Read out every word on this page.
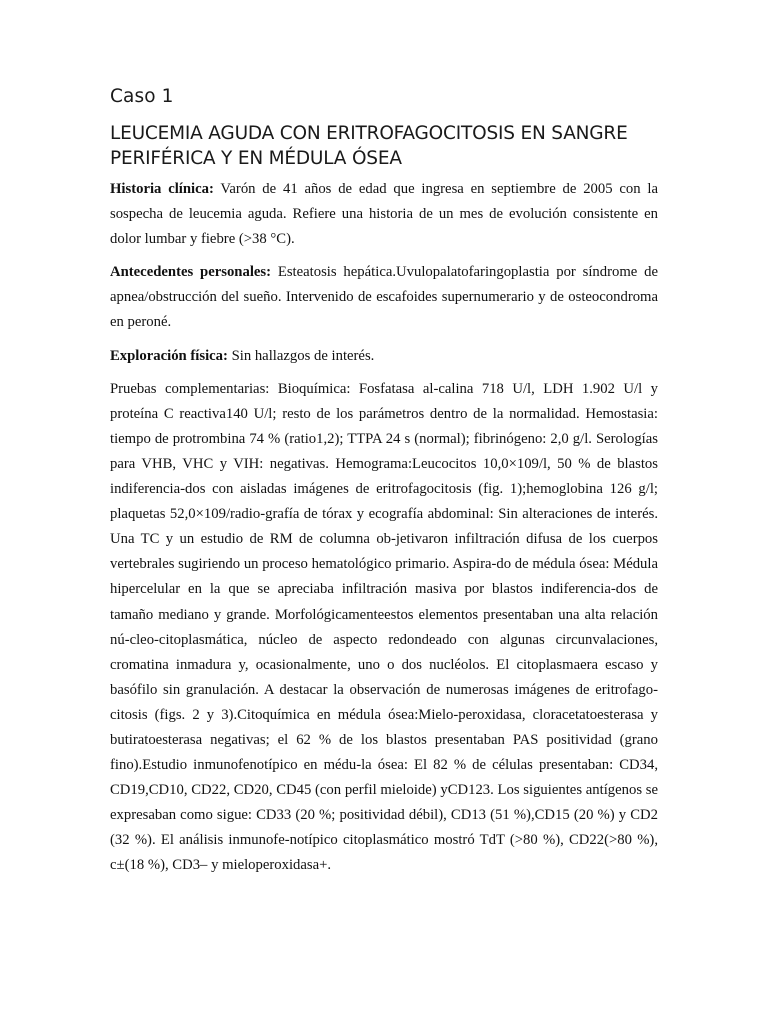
Caso 1
LEUCEMIA AGUDA CON ERITROFAGOCITOSIS EN SANGRE PERIFÉRICA Y EN MÉDULA ÓSEA

Historia clínica: Varón de 41 años de edad que ingresa en septiembre de 2005 con la sospecha de leucemia aguda. Refiere una historia de un mes de evolución consistente en dolor lumbar y fiebre (>38 °C).

Antecedentes personales: Esteatosis hepática.Uvulopalatofaringoplastia por síndrome de apnea/obstrucción del sueño. Intervenido de escafoides supernumerario y de osteocondroma en peroné.

Exploración física: Sin hallazgos de interés.

Pruebas complementarias: Bioquímica: Fosfatasa al-calina 718 U/l, LDH 1.902 U/l y proteína C reactiva140 U/l; resto de los parámetros dentro de la normalidad. Hemostasia: tiempo de protrombina 74 % (ratio1,2); TTPA 24 s (normal); fibrinógeno: 2,0 g/l. Serologías para VHB, VHC y VIH: negativas. Hemograma:Leucocitos 10,0×109/l, 50 % de blastos indiferencia-dos con aisladas imágenes de eritrofagocitosis (fig. 1);hemoglobina 126 g/l; plaquetas 52,0×109/radio-grafía de tórax y ecografía abdominal: Sin alteraciones de interés. Una TC y un estudio de RM de columna ob-jetivaron infiltración difusa de los cuerpos vertebrales sugiriendo un proceso hematológico primario. Aspira-do de médula ósea: Médula hipercelular en la que se apreciaba infiltración masiva por blastos indiferencia-dos de tamaño mediano y grande. Morfológicamenteestos elementos presentaban una alta relación nú-cleo-citoplasmática, núcleo de aspecto redondeado con algunas circunvalaciones, cromatina inmadura y, ocasionalmente, uno o dos nucléolos. El citoplasmaera escaso y basófilo sin granulación. A destacar la observación de numerosas imágenes de eritrofago-citosis (figs. 2 y 3).Citoquímica en médula ósea:Mielo-peroxidasa, cloracetatoesterasa y butiratoesterasa negativas; el 62 % de los blastos presentaban PAS positividad (grano fino).Estudio inmunofenotípico en médu-la ósea: El 82 % de células presentaban: CD34, CD19,CD10, CD22, CD20, CD45 (con perfil mieloide) yCD123. Los siguientes antígenos se expresaban como sigue: CD33 (20 %; positividad débil), CD13 (51 %),CD15 (20 %) y CD2 (32 %). El análisis inmunofe-notípico citoplasmático mostró TdT (>80 %), CD22(>80 %), c±(18 %), CD3– y mieloperoxidasa+.
